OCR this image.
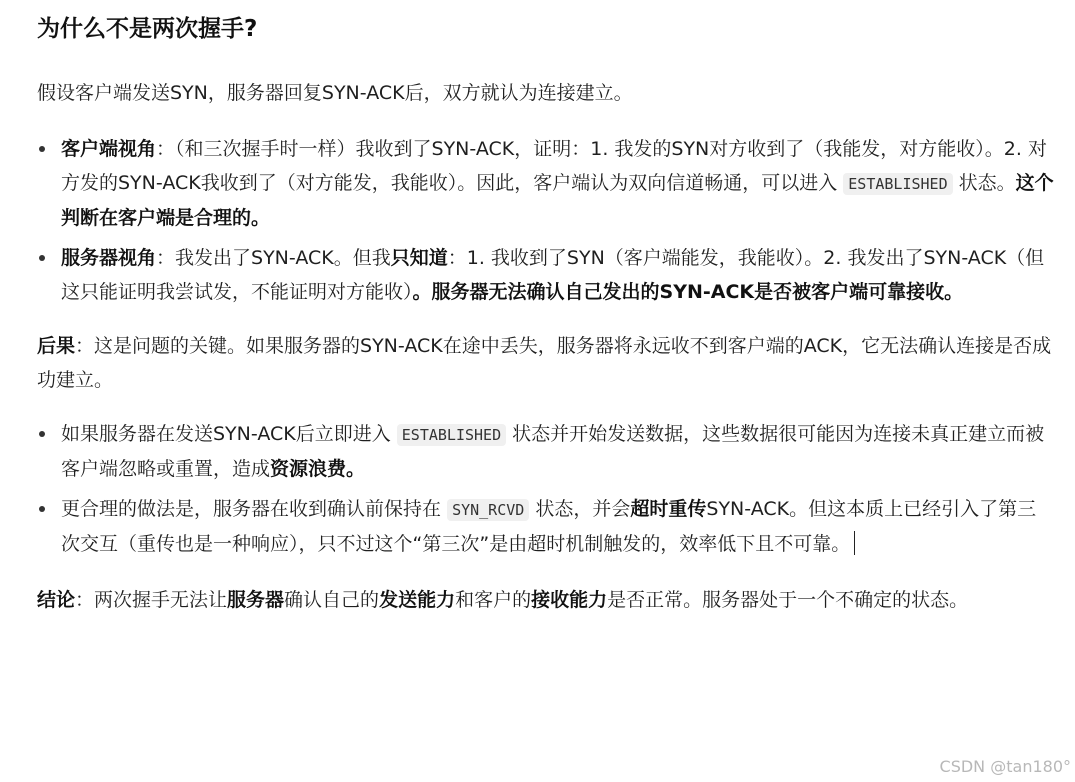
为什么不是两次握手?

假设客户端发送SYN，服务器回复SYN-ACK后，双方就认为连接建立。

客户端视角：（和三次握手时一样）我收到了SYN-ACK，证明：1. 我发的SYN对方收到了（我能发，对方能收）。2. 对方发的SYN-ACK我收到了（对方能发，我能收）。因此，客户端认为双向信道畅通，可以进入 ESTABLISHED 状态。这个判断在客户端是合理的。
服务器视角：我发出了SYN-ACK。但我只知道：1. 我收到了SYN（客户端能发，我能收）。2. 我发出了SYN-ACK（但这只能证明我尝试发，不能证明对方能收）。服务器无法确认自己发出的SYN-ACK是否被客户端可靠接收。

后果：这是问题的关键。如果服务器的SYN-ACK在途中丢失，服务器将永远收不到客户端的ACK，它无法确认连接是否成功建立。

如果服务器在发送SYN-ACK后立即进入 ESTABLISHED 状态并开始发送数据，这些数据很可能因为连接未真正建立而被客户端忽略或重置，造成资源浪费。
更合理的做法是，服务器在收到确认前保持在 SYN_RCVD 状态，并会超时重传SYN-ACK。但这本质上已经引入了第三次交互（重传也是一种响应），只不过这个“第三次”是由超时机制触发的，效率低下且不可靠。

结论：两次握手无法让服务器确认自己的发送能力和客户的接收能力是否正常。服务器处于一个不确定的状态。

CSDN @tan180°
